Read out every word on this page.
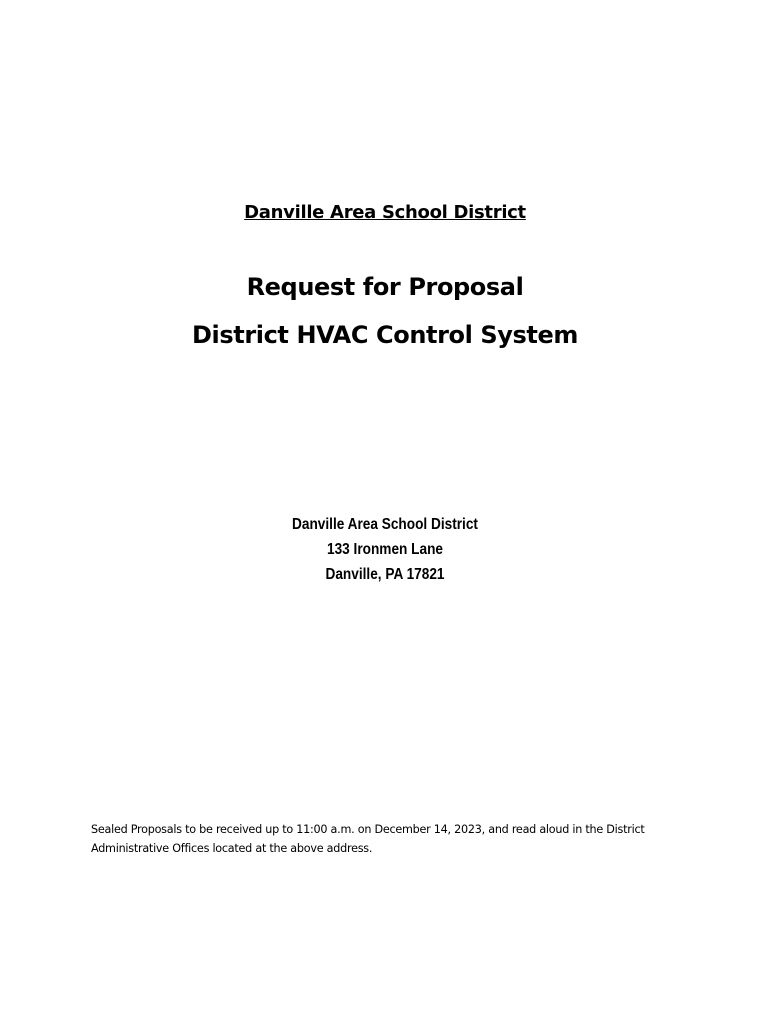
Danville Area School District
Request for Proposal
District HVAC Control System
Danville Area School District
133 Ironmen Lane
Danville, PA 17821
Sealed Proposals to be received up to 11:00 a.m. on December 14, 2023, and read aloud in the District
Administrative Offices located at the above address.
